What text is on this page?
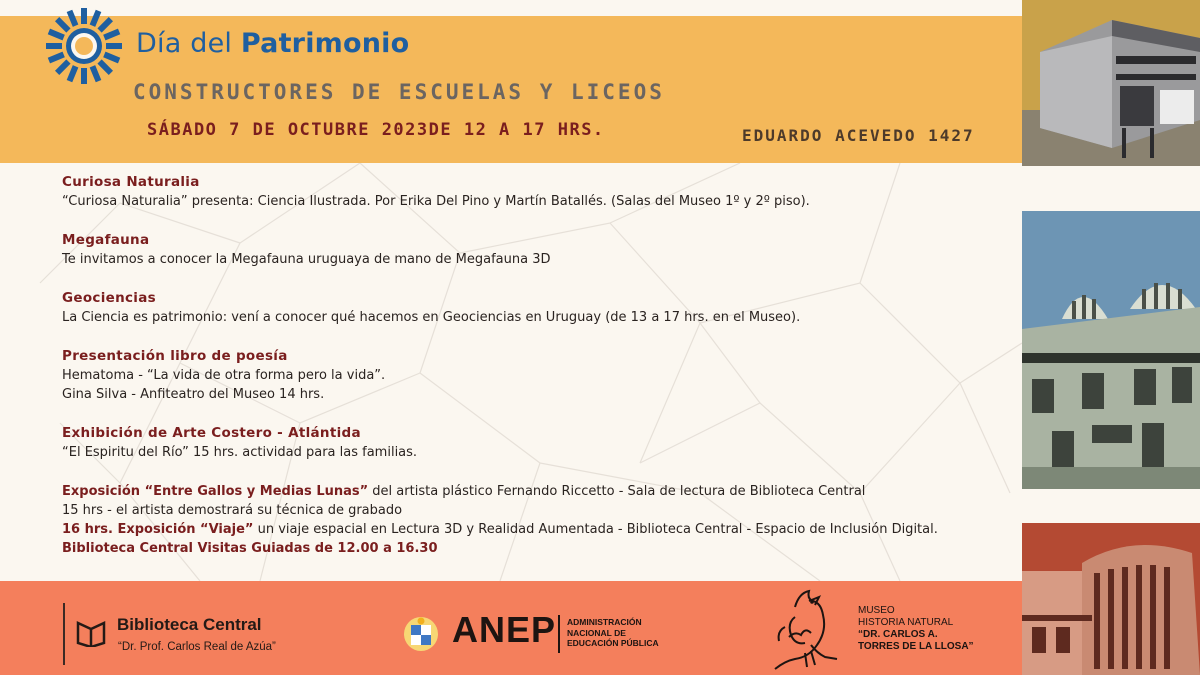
Día del Patrimonio
CONSTRUCTORES DE ESCUELAS Y LICEOS
SÁBADO 7 DE OCTUBRE 2023DE 12 A 17 HRS.	EDUARDO ACEVEDO 1427
Curiosa Naturalia

“Curiosa Naturalia” presenta: Ciencia Ilustrada. Por Erika Del Pino y Martín Batallés. (Salas del Museo 1º y 2º piso).

Megafauna

Te invitamos a conocer la Megafauna uruguaya de mano de Megafauna 3D

Geociencias

La Ciencia es patrimonio: vení a conocer qué hacemos en Geociencias en Uruguay (de 13 a 17 hrs. en el Museo).

Presentación libro de poesía

Hematoma - “La vida de otra forma pero la vida”.

Gina Silva - Anfiteatro del Museo 14 hrs.

Exhibición de Arte Costero - Atlántida

“El Espiritu del Río” 15 hrs. actividad para las familias.

Exposición “Entre Gallos y Medias Lunas” del artista plástico Fernando Riccetto - Sala de lectura de Biblioteca Central

15 hrs - el artista demostrará su técnica de grabado

16 hrs. Exposición “Viaje” un viaje espacial en Lectura 3D y Realidad Aumentada - Biblioteca Central - Espacio de Inclusión Digital.

Biblioteca Central Visitas Guiadas de 12.00 a 16.30

Biblioteca Central
“Dr. Prof. Carlos Real de Azúa”	ANEP ADMINISTRACIÓN
NACIONAL DE
EDUCACIÓN PÚBLICA
MUSEO
HISTORIA NATURAL
“DR. CARLOS A.
TORRES DE LA LLOSA”
